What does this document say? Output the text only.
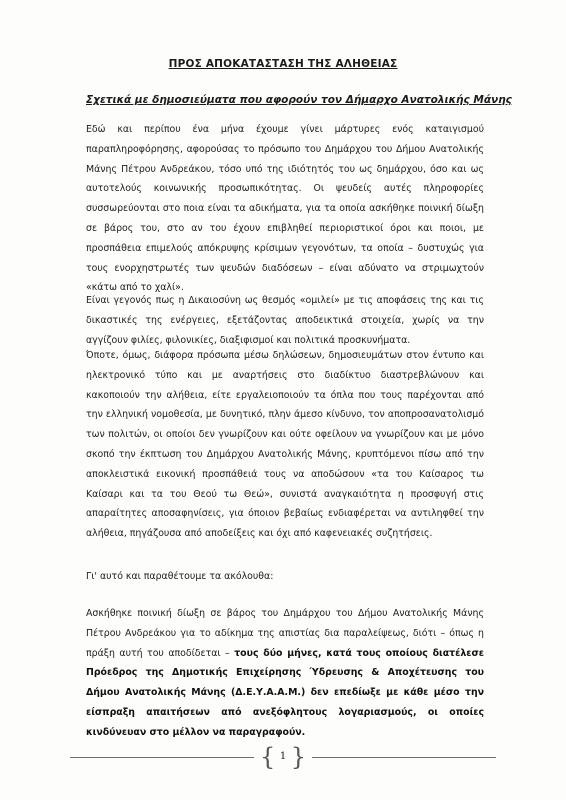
ΠΡΟΣ ΑΠΟΚΑΤΑΣΤΑΣΗ ΤΗΣ ΑΛΗΘΕΙΑΣ
Σχετικά με δημοσιεύματα που αφορούν τον Δήμαρχο Ανατολικής Μάνης
Εδώ και περίπου ένα μήνα έχουμε γίνει μάρτυρες ενός καταιγισμού παραπληροφόρησης, αφορούσας το πρόσωπο του Δημάρχου του Δήμου Ανατολικής Μάνης Πέτρου Ανδρεάκου, τόσο υπό της ιδιότητός του ως δημάρχου, όσο και ως αυτοτελούς κοινωνικής προσωπικότητας. Οι ψευδείς αυτές πληροφορίες συσσωρεύονται στο ποια είναι τα αδικήματα, για τα οποία ασκήθηκε ποινική δίωξη σε βάρος του, στο αν του έχουν επιβληθεί περιοριστικοί όροι και ποιοι, με προσπάθεια επιμελούς απόκρυψης κρίσιμων γεγονότων, τα οποία – δυστυχώς για τους ενορχηστρωτές των ψευδών διαδόσεων – είναι αδύνατο να στριμωχτούν «κάτω από το χαλί».
Είναι γεγονός πως η Δικαιοσύνη ως θεσμός «ομιλεί» με τις αποφάσεις της και τις δικαστικές της ενέργειες, εξετάζοντας αποδεικτικά στοιχεία, χωρίς να την αγγίζουν φιλίες, φιλονικίες, διαξιφισμοί και πολιτικά προσκυνήματα.
Όποτε, όμως, διάφορα πρόσωπα μέσω δηλώσεων, δημοσιευμάτων στον έντυπο και ηλεκτρονικό τύπο και με αναρτήσεις στο διαδίκτυο διαστρεβλώνουν και κακοποιούν την αλήθεια, είτε εργαλειοποιούν τα όπλα που τους παρέχονται από την ελληνική νομοθεσία, με δυνητικό, πλην άμεσο κίνδυνο, τον αποπροσανατολισμό των πολιτών, οι οποίοι δεν γνωρίζουν και ούτε οφείλουν να γνωρίζουν και με μόνο σκοπό την έκπτωση του Δημάρχου Ανατολικής Μάνης, κρυπτόμενοι πίσω από την αποκλειστικά εικονική προσπάθειά τους να αποδώσουν «τα του Καίσαρος τω Καίσαρι και τα του Θεού τω Θεώ», συνιστά αναγκαιότητα η προσφυγή στις απαραίτητες αποσαφηνίσεις, για όποιον βεβαίως ενδιαφέρεται να αντιληφθεί την αλήθεια, πηγάζουσα από αποδείξεις και όχι από καφενειακές συζητήσεις.
Γι' αυτό και παραθέτουμε τα ακόλουθα:
Ασκήθηκε ποινική δίωξη σε βάρος του Δημάρχου του Δήμου Ανατολικής Μάνης Πέτρου Ανδρεάκου για το αδίκημα της απιστίας δια παραλείψεως, διότι – όπως η πράξη αυτή του αποδίδεται – τους δύο μήνες, κατά τους οποίους διατέλεσε Πρόεδρος της Δημοτικής Επιχείρησης Ύδρευσης & Αποχέτευσης του Δήμου Ανατολικής Μάνης (Δ.Ε.Υ.Α.Α.Μ.) δεν επεδίωξε με κάθε μέσο την είσπραξη απαιτήσεων από ανεξόφλητους λογαριασμούς, οι οποίες κινδύνευαν στο μέλλον να παραγραφούν.
{ 1 }
